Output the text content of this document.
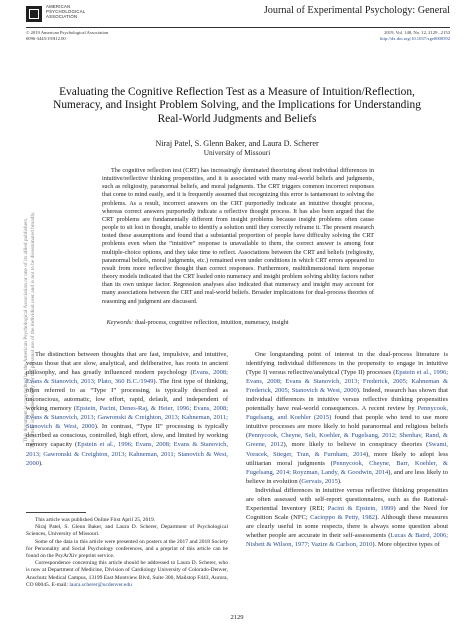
AMERICAN
PSYCHOLOGICAL
ASSOCIATION
Journal of Experimental Psychology: General
© 2019 American Psychological Association
0096-3445/19/$12.00
2019, Vol. 148, No. 12, 2129 –2153
http://dx.doi.org/10.1037/xge0000592
This document is copyrighted by the American Psychological Association or one of its allied publishers. This article is intended solely for the personal use of the individual user and is not to be disseminated broadly.
Evaluating the Cognitive Reflection Test as a Measure of Intuition/Reflection, Numeracy, and Insight Problem Solving, and the Implications for Understanding Real-World Judgments and Beliefs
Niraj Patel, S. Glenn Baker, and Laura D. Scherer
University of Missouri
The cognitive reflection test (CRT) has increasingly dominated theorizing about individual differences in intuitive/reflective thinking propensities, and it is associated with many real-world beliefs and judgments, such as religiosity, paranormal beliefs, and moral judgments. The CRT triggers common incorrect responses that come to mind easily, and it is frequently assumed that recognizing this error is tantamount to solving the problems. As a result, incorrect answers on the CRT purportedly indicate an intuitive thought process, whereas correct answers purportedly indicate a reflective thought process. It has also been argued that the CRT problems are fundamentally different from insight problems because insight problems often cause people to sit lost in thought, unable to identify a solution until they correctly reframe it. The present research tested these assumptions and found that a substantial proportion of people have difficulty solving the CRT problems even when the “intuitive” response is unavailable to them, the correct answer is among four multiple-choice options, and they take time to reflect. Associations between the CRT and beliefs (religiosity, paranormal beliefs, moral judgments, etc.) remained even under conditions in which CRT errors appeared to result from more reflective thought than correct responses. Furthermore, multidimensional item response theory models indicated that the CRT loaded onto numeracy and insight problem solving ability factors rather than its own unique factor. Regression analyses also indicated that numeracy and insight may account for many associations between the CRT and real-world beliefs. Broader implications for dual-process theories of reasoning and judgment are discussed.
Keywords: dual-process, cognitive reflection, intuition, numeracy, insight

The distinction between thoughts that are fast, impulsive, and intuitive, versus those that are slow, analytical, and deliberative, has roots in ancient philosophy, and has greatly influenced modern psychology (Evans, 2008; Evans & Stanovich, 2013; Plato, 360 B.C./1949). The first type of thinking, often referred to as “Type I” processing, is typically described as unconscious, automatic, low effort, rapid, default, and independent of working memory (Epstein, Pacini, Denes-Raj, & Heier, 1996; Evans, 2008; Evans & Stanovich, 2013; Gawronski & Creighton, 2013; Kahneman, 2011; Stanovich & West, 2000). In contrast, “Type II” processing is typically described as conscious, controlled, high effort, slow, and limited by working memory capacity (Epstein et al., 1996; Evans, 2008; Evans & Stanovich, 2013; Gawronski & Creighton, 2013; Kahneman, 2011; Stanovich & West, 2000).

This article was published Online First April 25, 2019.

Niraj Patel, S. Glenn Baker, and Laura D. Scherer, Department of Psychological Sciences, University of Missouri.

Some of the data in this article were presented on posters at the 2017 and 2018 Society for Personality and Social Psychology conferences, and a preprint of this article can be found on the PsyArXiv preprint service.

Correspondence concerning this article should be addressed to Laura D. Scherer, who is now at Department of Medicine, Division of Cardiology University of Colorado-Denver, Anschutz Medical Campus, 13199 East Montview Blvd, Suite 300, Mailstop F443, Aurora, CO 80045. E-mail: laura.scherer@ucdenver.edu

One longstanding point of interest in the dual-process literature is identifying individual differences in the propensity to engage in intuitive (Type I) versus reflective/analytical (Type II) processes (Epstein et al., 1996; Evans, 2008; Evans & Stanovich, 2013; Frederick, 2005; Kahneman & Frederick, 2005; Stanovich & West, 2000). Indeed, research has shown that individual differences in intuitive versus reflective thinking propensities potentially have real-world consequences. A recent review by Pennycook, Fugelsang, and Koehler (2015) found that people who tend to use more intuitive processes are more likely to hold paranormal and religious beliefs (Pennycook, Cheyne, Seli, Koehler, & Fugelsang, 2012; Shenhav, Rand, & Greene, 2012), more likely to believe in conspiracy theories (Swami, Voracek, Stieger, Tran, & Furnham, 2014), more likely to adopt less utilitarian moral judgments (Pennycook, Cheyne, Barr, Koehler, & Fugelsang, 2014; Royzman, Landy, & Goodwin, 2014), and are less likely to believe in evolution (Gervais, 2015).

Individual differences in intuitive versus reflective thinking propensities are often assessed with self-report questionnaires, such as the Rational-Experiential Inventory (REI; Pacini & Epstein, 1999) and the Need for Cognition Scale (NFC; Cacioppo & Petty, 1982). Although these measures are clearly useful in some respects, there is always some question about whether people are accurate in their self-assessments (Lucas & Baird, 2006; Nisbett & Wilson, 1977; Vazire & Carlson, 2010). More objective types of

2129
